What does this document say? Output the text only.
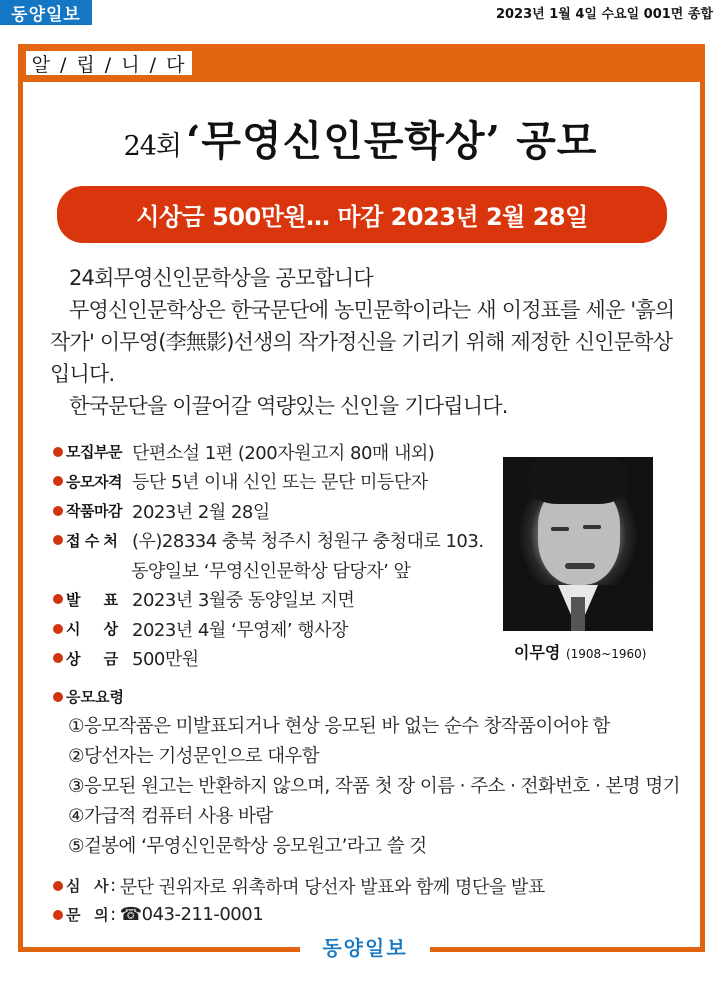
동양일보	2023년 1월 4일 수요일 001면 종합
알 / 립 / 니 / 다
24회 ‘무영신인문학상’ 공모
시상금 500만원… 마감 2023년 2월 28일

24회무영신인문학상을 공모합니다

무영신인문학상은 한국문단에 농민문학이라는 새 이정표를 세운 '흙의 작가' 이무영(李無影)선생의 작가정신을 기리기 위해 제정한 신인문학상입니다.

한국문단을 이끌어갈 역량있는 신인을 기다립니다.

모집부문 단편소설 1편 (200자원고지 80매 내외)
응모자격 등단 5년 이내 신인 또는 문단 미등단자
작품마감 2023년 2월 28일
접 수 처 (우)28334 충북 청주시 청원구 충청대로 103.
동양일보 ‘무영신인문학상 담당자’ 앞
발     표 2023년 3월중 동양일보 지면
시     상 2023년 4월 ‘무영제’ 행사장
상     금 500만원	이무영 (1908~1960)
응모요령
①응모작품은 미발표되거나 현상 응모된 바 없는 순수 창작품이어야 함
②당선자는 기성문인으로 대우함
③응모된 원고는 반환하지 않으며, 작품 첫 장 이름 · 주소 · 전화번호 · 본명 명기
④가급적 컴퓨터 사용 바람
⑤겉봉에 ‘무영신인문학상 응모원고’라고 쓸 것
심   사 : 문단 권위자로 위촉하며 당선자 발표와 함께 명단을 발표
문   의 : ☎043-211-0001
동양일보
